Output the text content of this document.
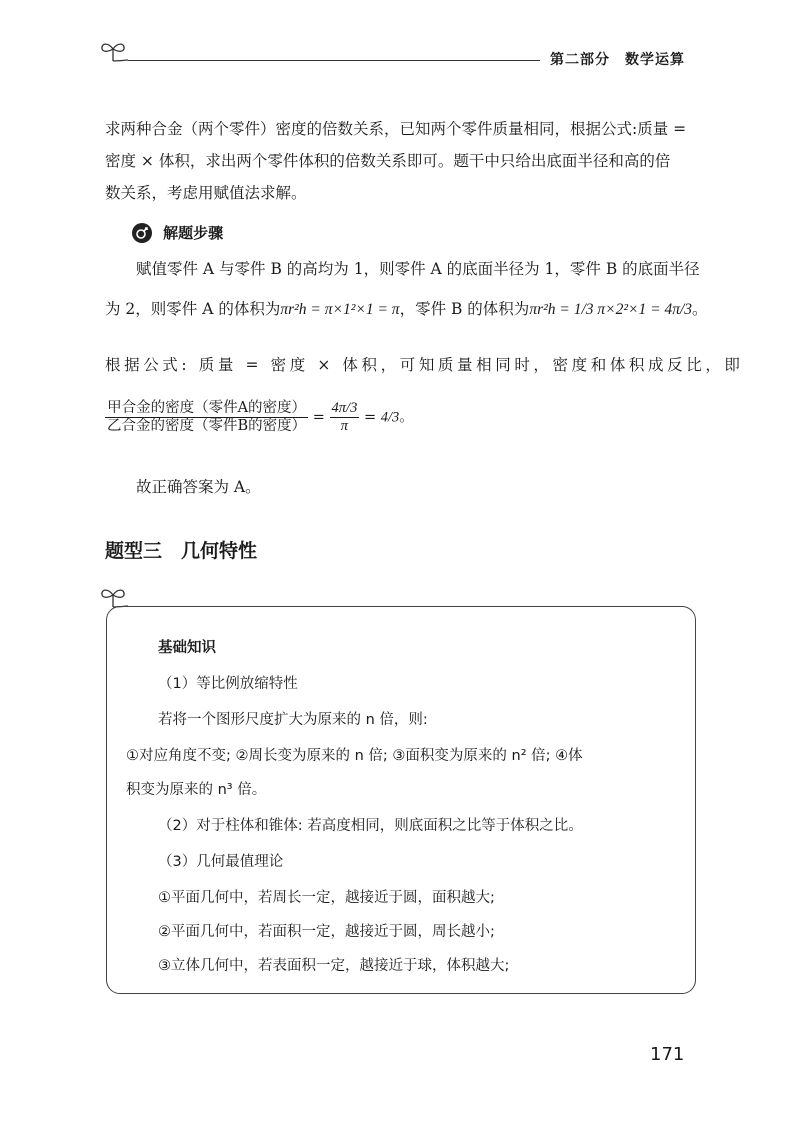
第二部分　数学运算
求两种合金（两个零件）密度的倍数关系，已知两个零件质量相同，根据公式:质量 =
密度 × 体积，求出两个零件体积的倍数关系即可。题干中只给出底面半径和高的倍
数关系，考虑用赋值法求解。
解题步骤
赋值零件 A 与零件 B 的高均为 1，则零件 A 的底面半径为 1，零件 B 的底面半径
为 2，则零件 A 的体积为πr²h = π×1²×1 = π，零件 B 的体积为πr²h = 1/3 π×2²×1 = 4π/3。
根据公式: 质量 = 密度 × 体积，可知质量相同时，密度和体积成反比，即
$\frac{\text{甲合金的密度（零件A的密度）}}{\text{乙合金的密度（零件B的密度）}} = \frac{4\pi/3}{\pi} = 4/3$。
故正确答案为 A。
题型三　几何特性
基础知识
（1）等比例放缩特性
若将一个图形尺度扩大为原来的 n 倍，则:
①对应角度不变; ②周长变为原来的 n 倍; ③面积变为原来的 n² 倍; ④体
积变为原来的 n³ 倍。
（2）对于柱体和锥体: 若高度相同，则底面积之比等于体积之比。
（3）几何最值理论
①平面几何中，若周长一定，越接近于圆，面积越大;
②平面几何中，若面积一定，越接近于圆，周长越小;
③立体几何中，若表面积一定，越接近于球，体积越大;
171
